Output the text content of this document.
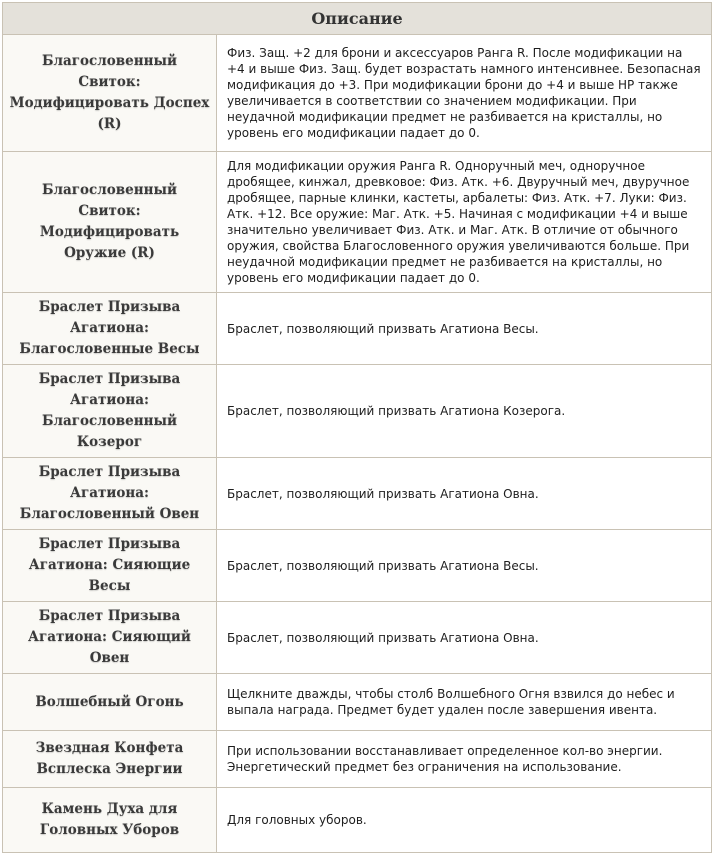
Описание	
Благословенный Свиток: Модифицировать Доспех (R)	Физ. Защ. +2 для брони и аксессуаров Ранга R. После модификации на +4 и выше Физ. Защ. будет возрастать намного интенсивнее. Безопасная модификация до +3. При модификации брони до +4 и выше HP также увеличивается в соответствии со значением модификации. При неудачной модификации предмет не разбивается на кристаллы, но уровень его модификации падает до 0.
Благословенный Свиток: Модифицировать Оружие (R)	Для модификации оружия Ранга R. Одноручный меч, одноручное дробящее, кинжал, древковое: Физ. Атк. +6. Двуручный меч, двуручное дробящее, парные клинки, кастеты, арбалеты: Физ. Атк. +7. Луки: Физ. Атк. +12. Все оружие: Маг. Атк. +5. Начиная с модификации +4 и выше значительно увеличивает Физ. Атк. и Маг. Атк. В отличие от обычного оружия, свойства Благословенного оружия увеличиваются больше. При неудачной модификации предмет не разбивается на кристаллы, но уровень его модификации падает до 0.
Браслет Призыва Агатиона: Благословенные Весы	Браслет, позволяющий призвать Агатиона Весы.
Браслет Призыва Агатиона: Благословенный Козерог	Браслет, позволяющий призвать Агатиона Козерога.
Браслет Призыва Агатиона: Благословенный Овен	Браслет, позволяющий призвать Агатиона Овна.
Браслет Призыва Агатиона: Сияющие Весы	Браслет, позволяющий призвать Агатиона Весы.
Браслет Призыва Агатиона: Сияющий Овен	Браслет, позволяющий призвать Агатиона Овна.
Волшебный Огонь	Щелкните дважды, чтобы столб Волшебного Огня взвился до небес и выпала награда. Предмет будет удален после завершения ивента.
Звездная Конфета Всплеска Энергии	При использовании восстанавливает определенное кол-во энергии. Энергетический предмет без ограничения на использование.
Камень Духа для Головных Уборов	Для головных уборов.
